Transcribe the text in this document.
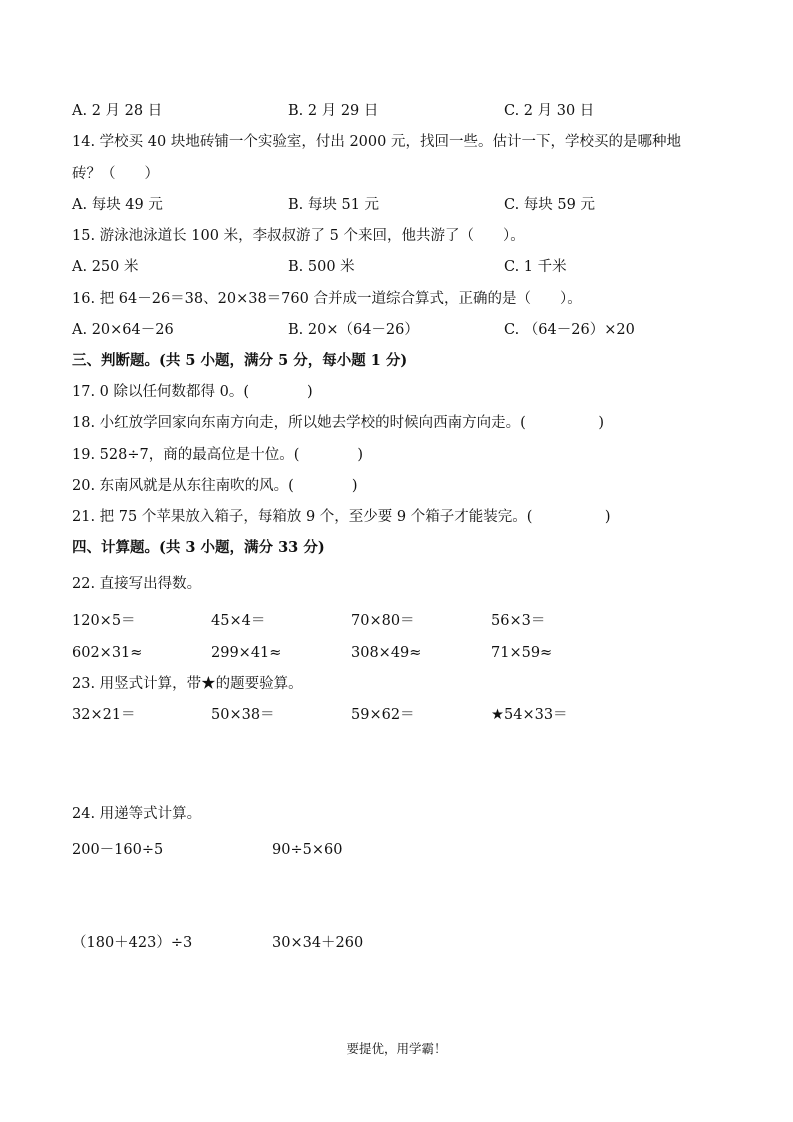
A. 2 月 28 日	B. 2 月 29 日	C. 2 月 30 日
14. 学校买 40 块地砖铺一个实验室，付出 2000 元，找回一些。估计一下，学校买的是哪种地
砖？（　　）
A. 每块 49 元	B. 每块 51 元	C. 每块 59 元
15. 游泳池泳道长 100 米，李叔叔游了 5 个来回，他共游了（　　）。
A. 250 米	B. 500 米	C. 1 千米
16. 把 64－26＝38、20×38＝760 合并成一道综合算式，正确的是（　　）。
A. 20×64－26	B. 20×（64－26）	C. （64－26）×20
三、判断题。(共 5 小题，满分 5 分，每小题 1 分)
17. 0 除以任何数都得 0。(　　　　)
18. 小红放学回家向东南方向走，所以她去学校的时候向西南方向走。(　　　　　)
19. 528÷7，商的最高位是十位。(　　　　)
20. 东南风就是从东往南吹的风。(　　　　)
21. 把 75 个苹果放入箱子，每箱放 9 个，至少要 9 个箱子才能装完。(　　　　　)
四、计算题。(共 3 小题，满分 33 分)
22. 直接写出得数。
120×5＝	45×4＝	70×80＝	56×3＝
602×31≈	299×41≈	308×49≈	71×59≈
23. 用竖式计算，带★的题要验算。
32×21＝	50×38＝	59×62＝	★54×33＝
24. 用递等式计算。
200－160÷5	90÷5×60
（180＋423）÷3	30×34＋260
要提优，用学霸！
